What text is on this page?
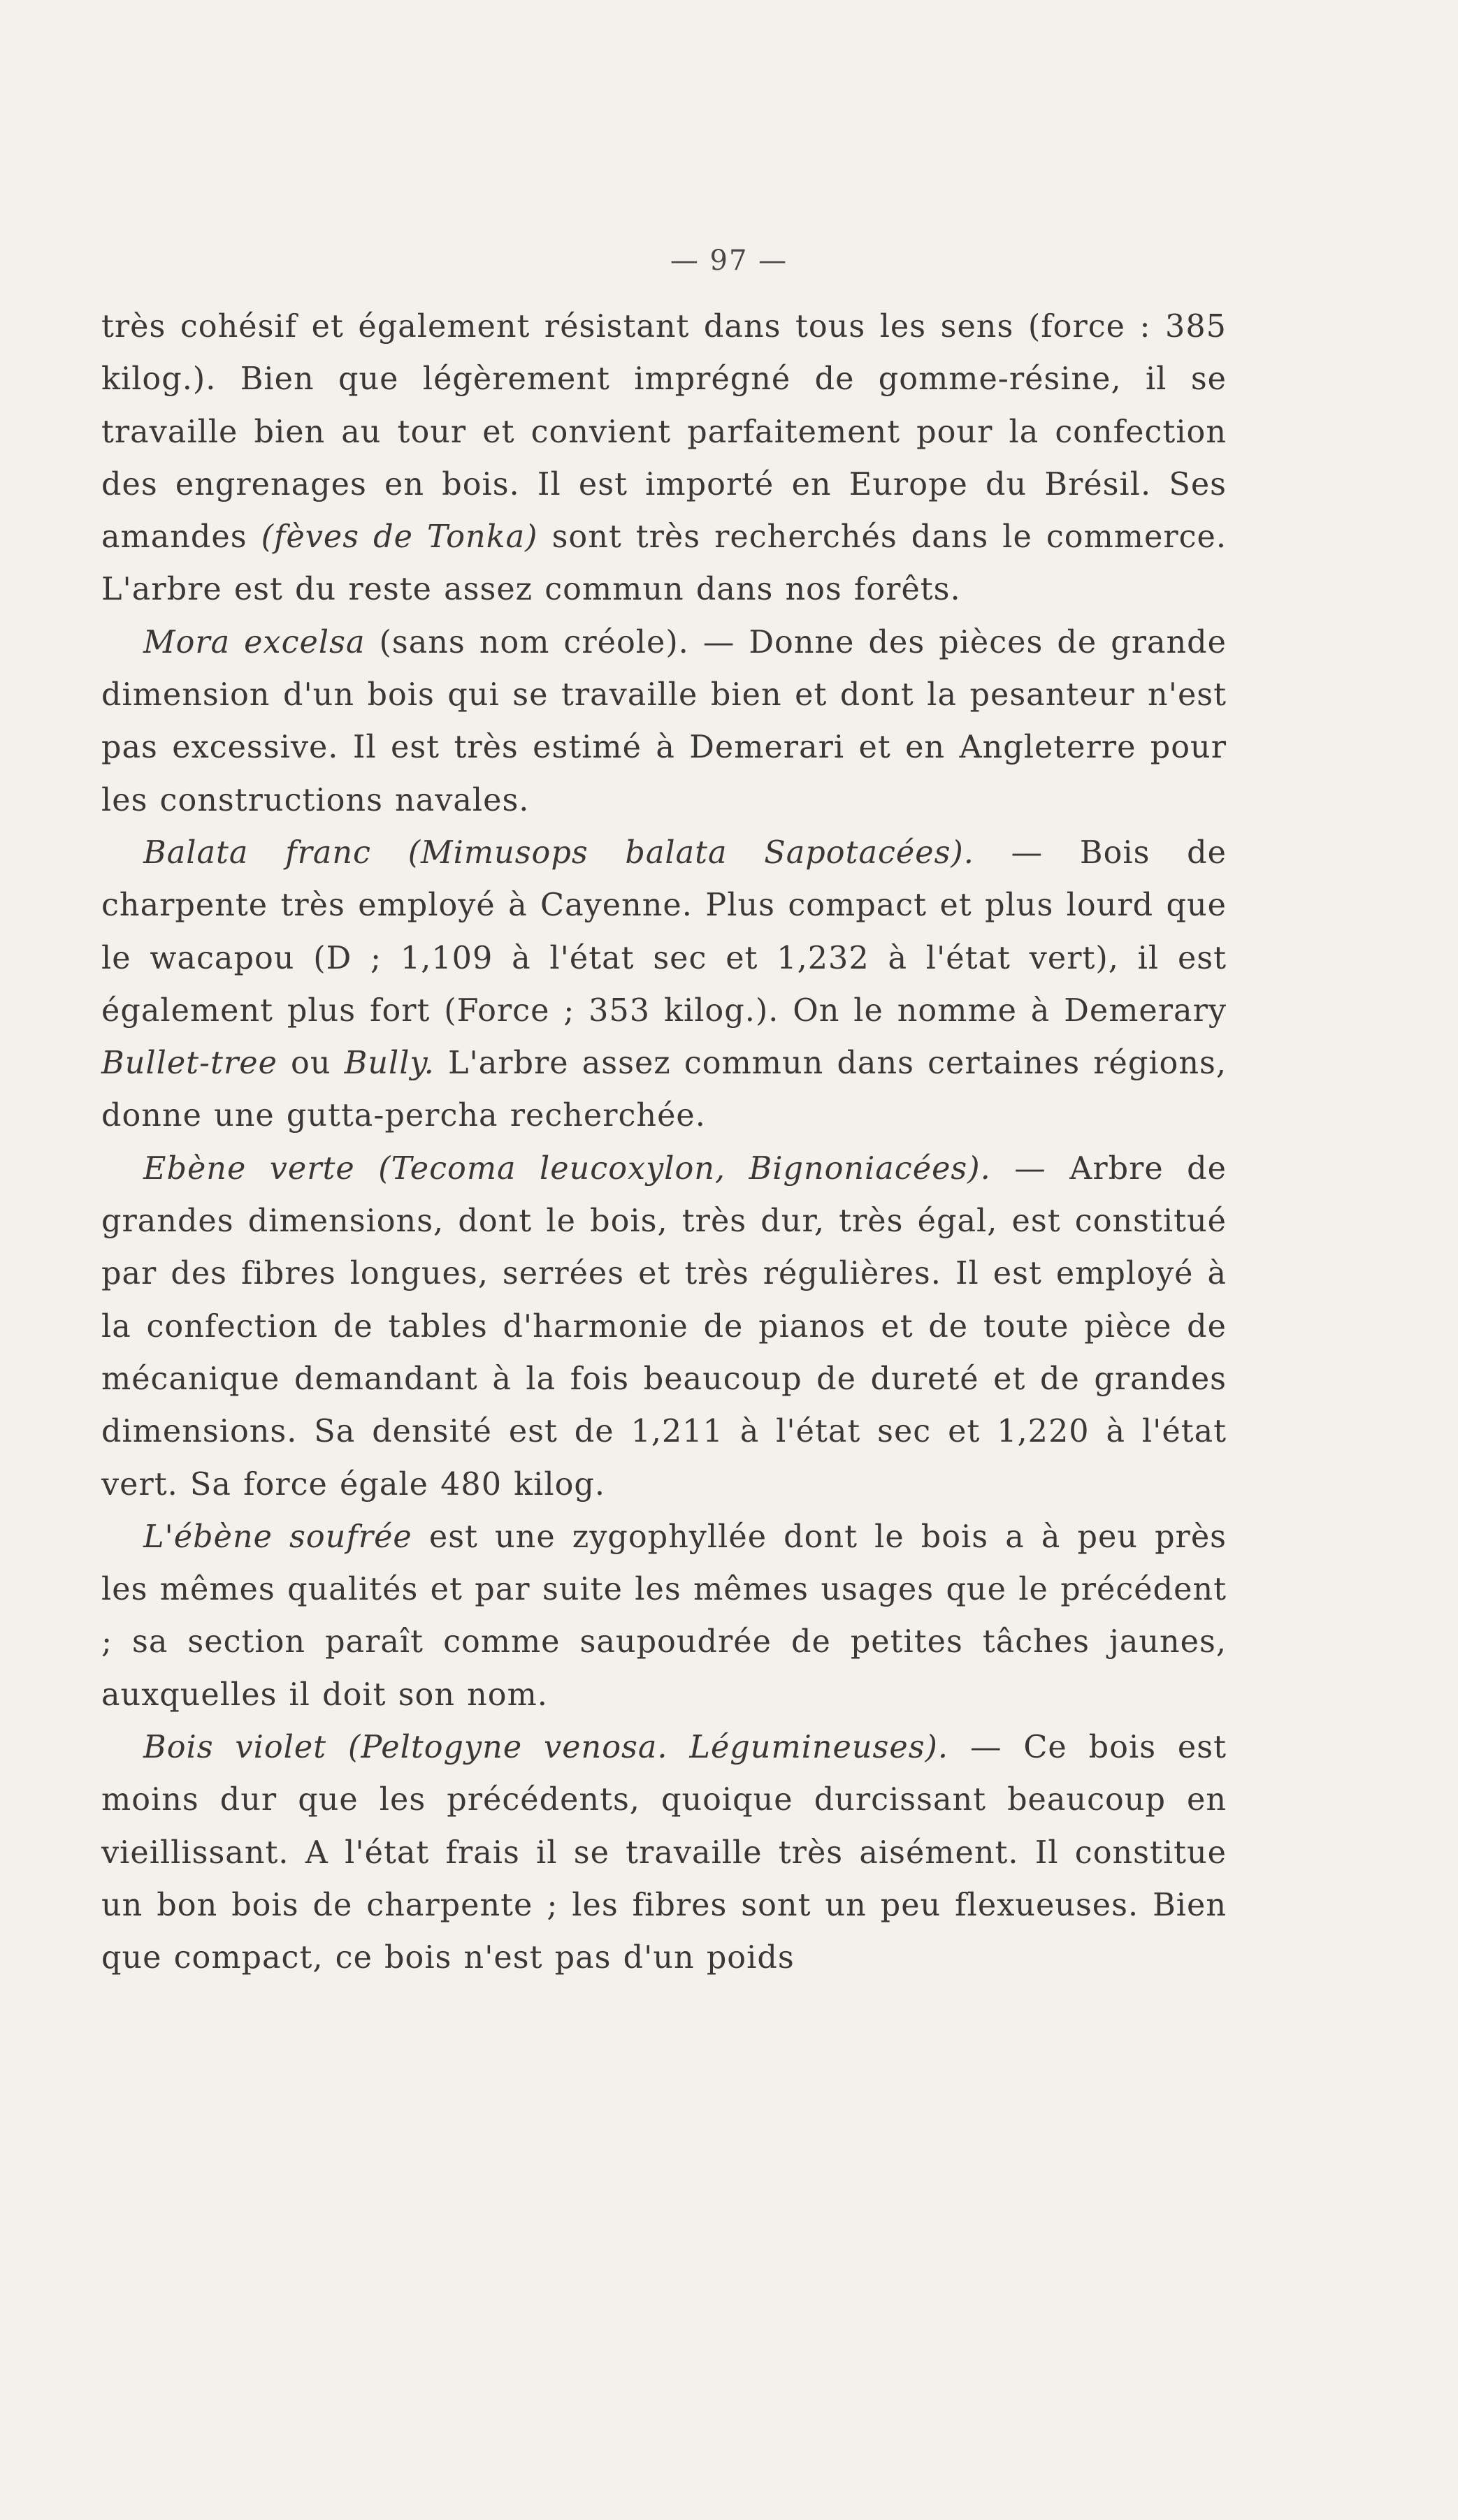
— 97 —

très cohésif et également résistant dans tous les sens (force : 385 kilog.). Bien que légèrement imprégné de gomme-résine, il se travaille bien au tour et convient parfaitement pour la confection des engrenages en bois. Il est importé en Europe du Brésil. Ses amandes (fèves de Tonka) sont très recherchés dans le commerce. L'arbre est du reste assez commun dans nos forêts.

Mora excelsa (sans nom créole). — Donne des pièces de grande dimension d'un bois qui se travaille bien et dont la pesanteur n'est pas excessive. Il est très estimé à Demerari et en Angleterre pour les constructions navales.

Balata franc (Mimusops balata Sapotacées). — Bois de charpente très employé à Cayenne. Plus compact et plus lourd que le wacapou (D ; 1,109 à l'état sec et 1,232 à l'état vert), il est également plus fort (Force ; 353 kilog.). On le nomme à Demerary Bullet-tree ou Bully. L'arbre assez commun dans certaines régions, donne une gutta-percha recherchée.

Ebène verte (Tecoma leucoxylon, Bignoniacées). — Arbre de grandes dimensions, dont le bois, très dur, très égal, est constitué par des fibres longues, serrées et très régulières. Il est employé à la confection de tables d'harmonie de pianos et de toute pièce de mécanique demandant à la fois beaucoup de dureté et de grandes dimensions. Sa densité est de 1,211 à l'état sec et 1,220 à l'état vert. Sa force égale 480 kilog.

L'ébène soufrée est une zygophyllée dont le bois a à peu près les mêmes qualités et par suite les mêmes usages que le précédent ; sa section paraît comme saupoudrée de petites tâches jaunes, auxquelles il doit son nom.

Bois violet (Peltogyne venosa. Légumineuses). — Ce bois est moins dur que les précédents, quoique durcissant beaucoup en vieillissant. A l'état frais il se travaille très aisément. Il constitue un bon bois de charpente ; les fibres sont un peu flexueuses. Bien que compact, ce bois n'est pas d'un poids
